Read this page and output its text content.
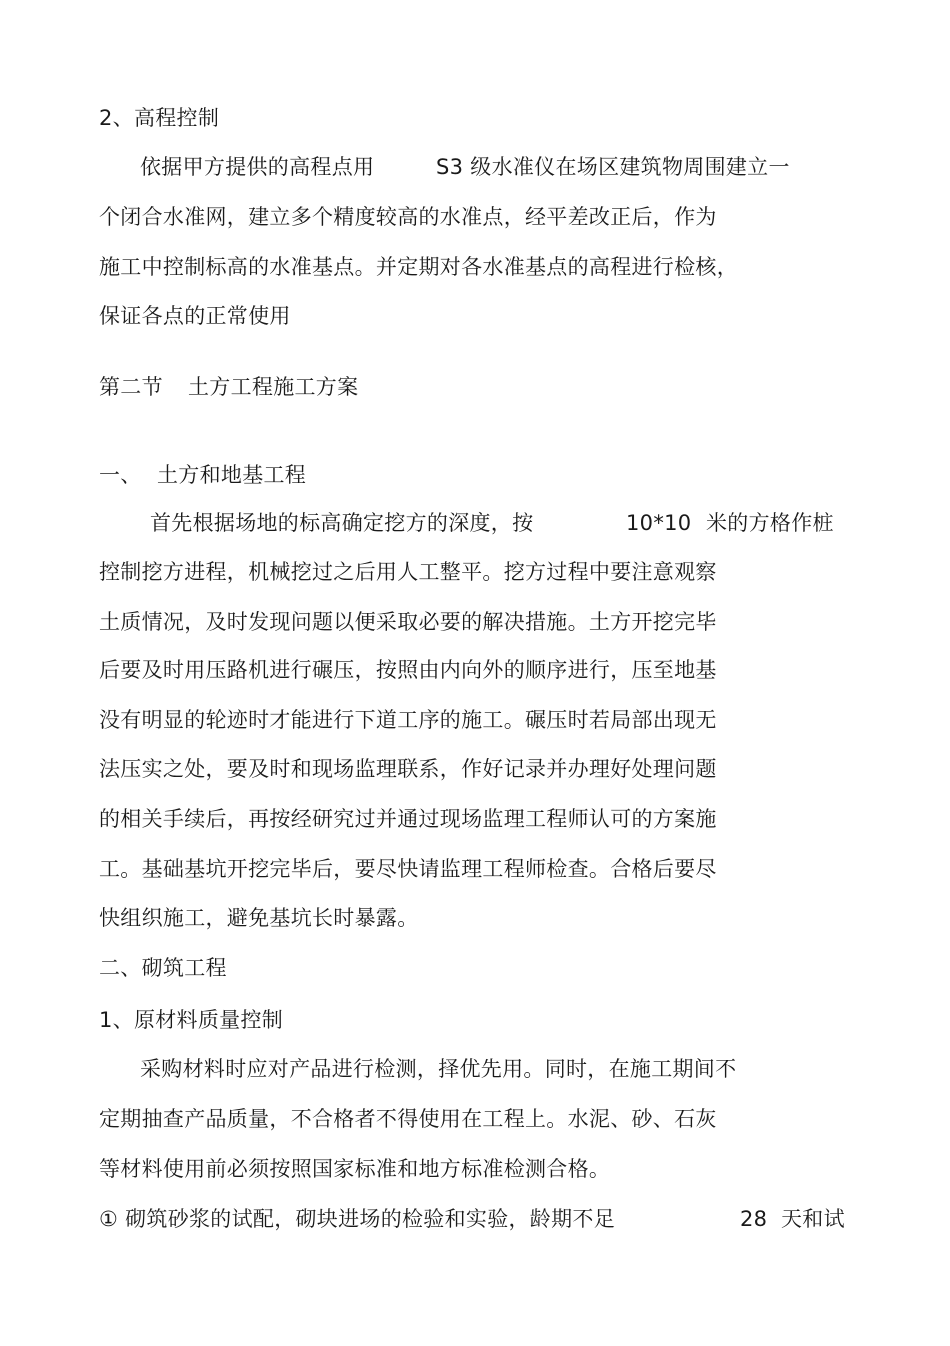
2、高程控制

依据甲方提供的高程点用

	S3 级水准仪在场区建筑物周围建立一

个闭合水准网，建立多个精度较高的水准点，经平差改正后，作为

施工中控制标高的水准基点。并定期对各水准基点的高程进行检核，

保证各点的正常使用

第二节

土方工程施工方案

一、

土方和地基工程

首先根据场地的标高确定挖方的深度，按

	10*10

米的方格作桩

控制挖方进程，机械挖过之后用人工整平。挖方过程中要注意观察

土质情况，及时发现问题以便采取必要的解决措施。土方开挖完毕

后要及时用压路机进行碾压，按照由内向外的顺序进行，压至地基

没有明显的轮迹时才能进行下道工序的施工。碾压时若局部出现无

法压实之处，要及时和现场监理联系，作好记录并办理好处理问题

的相关手续后，再按经研究过并通过现场监理工程师认可的方案施

工。基础基坑开挖完毕后，要尽快请监理工程师检查。合格后要尽

快组织施工，避免基坑长时暴露。

二、砌筑工程

1、原材料质量控制

采购材料时应对产品进行检测，择优先用。同时，在施工期间不

定期抽查产品质量，不合格者不得使用在工程上。水泥、砂、石灰

等材料使用前必须按照国家标准和地方标准检测合格。

① 砌筑砂浆的试配，砌块进场的检验和实验，龄期不足

	28

天和试
